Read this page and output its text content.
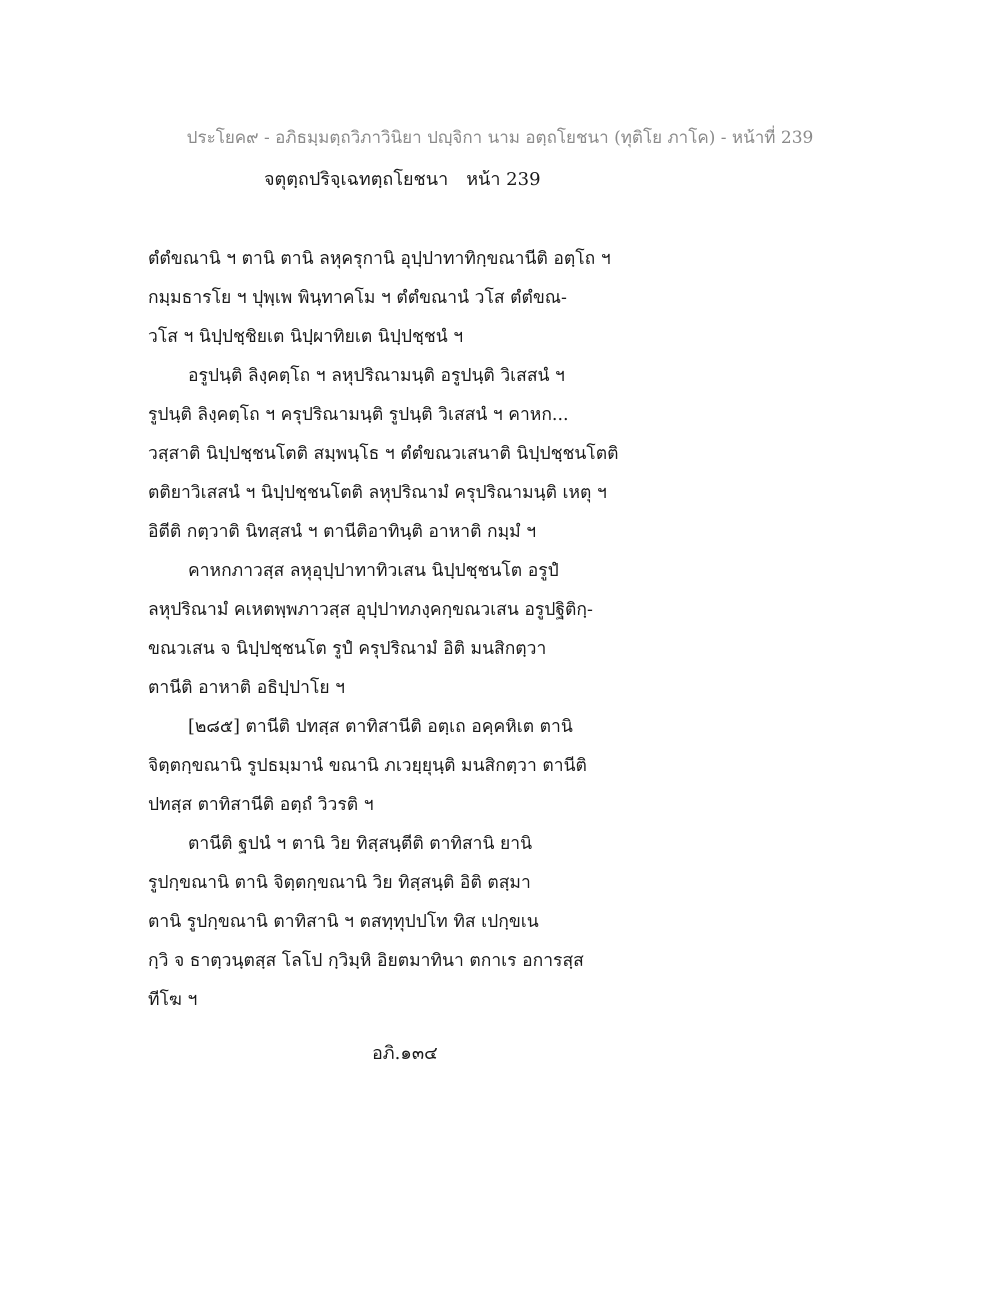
ประโยค๙ - อภิธมฺมตฺถวิภาวินิยา ปญฺจิกา นาม อตฺถโยชนา (ทุติโย ภาโค) - หน้าที่ 239
จตุตฺถปริจฺเฉทตฺถโยชนา หน้า 239
ตํตํขณานิ ฯ ตานิ ตานิ ลหุครุกานิ อุปฺปาทาทิกฺขณานีติ อตฺโถ ฯ
กมฺมธารโย ฯ ปุพฺเพ พินฺทาคโม ฯ ตํตํขณานํ วโส ตํตํขณ-
วโส ฯ นิปฺปชฺชิยเต นิปฺผาทิยเต นิปฺปชฺชนํ ฯ
อรูปนฺติ ลิงฺคตฺโถ ฯ ลหุปริณามนฺติ อรูปนฺติ วิเสสนํ ฯ
รูปนฺติ ลิงฺคตฺโถ ฯ ครุปริณามนฺติ รูปนฺติ วิเสสนํ ฯ คาหก...
วสฺสาติ นิปฺปชฺชนโตติ สมฺพนฺโธ ฯ ตํตํขณวเสนาติ นิปฺปชฺชนโตติ
ตติยาวิเสสนํ ฯ นิปฺปชฺชนโตติ ลหุปริณามํ ครุปริณามนฺติ เหตุ ฯ
อิตีติ กตฺวาติ นิทสฺสนํ ฯ ตานีติอาทินฺติ อาหาติ กมฺมํ ฯ
คาหกภาวสฺส ลหุอุปฺปาทาทิวเสน นิปฺปชฺชนโต อรูปํ
ลหุปริณามํ คเหตพฺพภาวสฺส อุปฺปาทภงฺคกฺขณวเสน อรูปฐิติกฺ-
ขณวเสน จ นิปฺปชฺชนโต รูปํ ครุปริณามํ อิติ มนสิกตฺวา
ตานีติ อาหาติ อธิปฺปาโย ฯ
[๒๘๕] ตานีติ ปทสฺส ตาทิสานีติ อตฺเถ อคฺคหิเต ตานิ
จิตฺตกฺขณานิ รูปธมฺมานํ ขณานิ ภเวยฺยุนฺติ มนสิกตฺวา ตานีติ
ปทสฺส ตาทิสานีติ อตฺถํ วิวรติ ฯ
ตานีติ ฐปนํ ฯ ตานิ วิย ทิสฺสนฺตีติ ตาทิสานิ ยานิ
รูปกฺขณานิ ตานิ จิตฺตกฺขณานิ วิย ทิสฺสนฺติ อิติ ตสฺมา
ตานิ รูปกฺขณานิ ตาทิสานิ ฯ ตสทฺทุปปโท ทิส เปกฺขเน
กฺวิ จ ธาตฺวนฺตสฺส โลโป กฺวิมฺหิ อิยตมาทินา ตกาเร อการสฺส
ทีโฆ ฯ
อภิ.๑๓๔
